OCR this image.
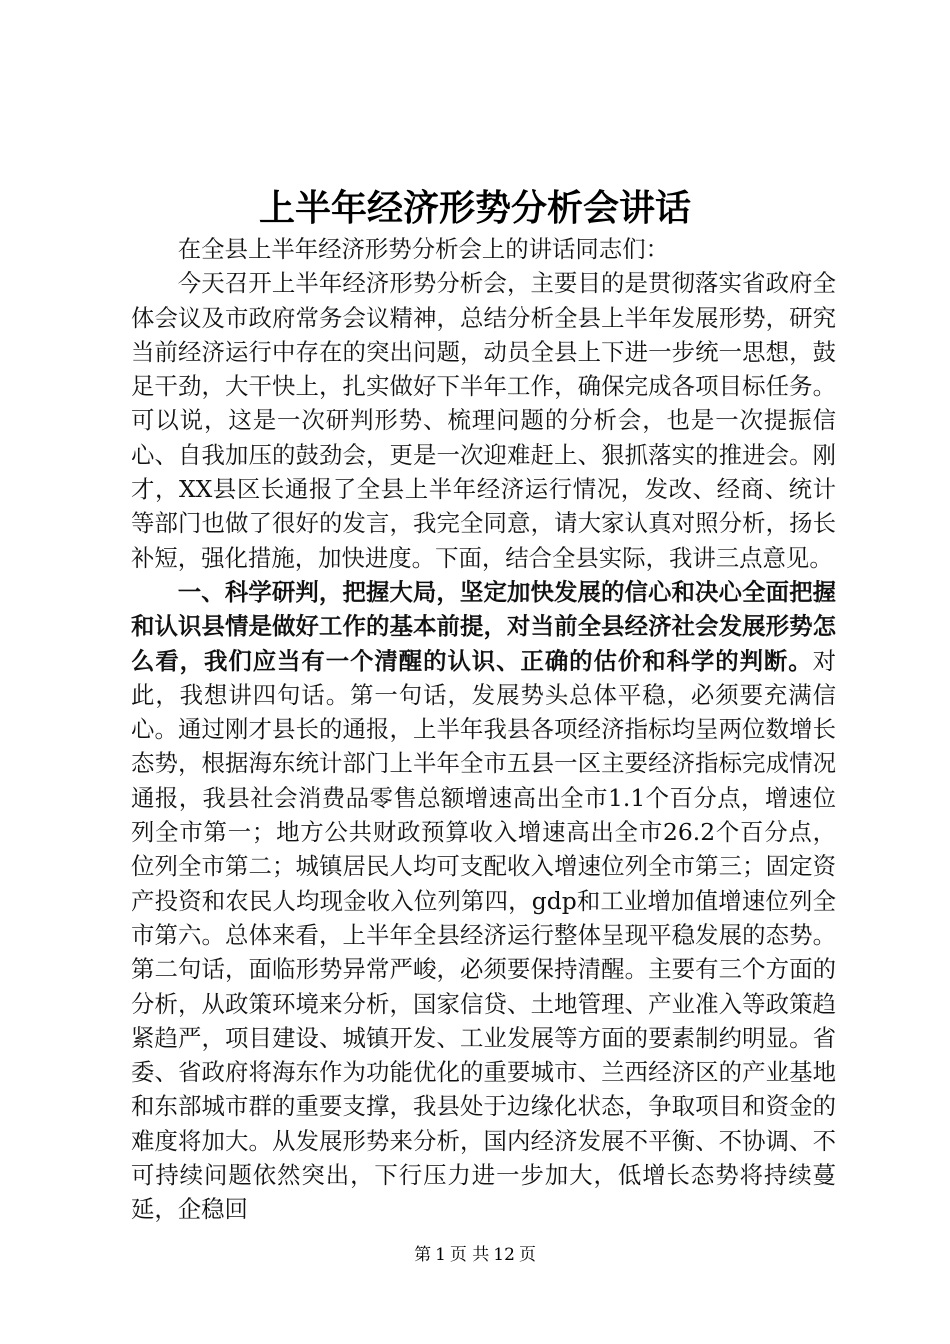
上半年经济形势分析会讲话

在全县上半年经济形势分析会上的讲话同志们：

今天召开上半年经济形势分析会，主要目的是贯彻落实省政府全体会议及市政府常务会议精神，总结分析全县上半年发展形势，研究当前经济运行中存在的突出问题，动员全县上下进一步统一思想，鼓足干劲，大干快上，扎实做好下半年工作，确保完成各项目标任务。可以说，这是一次研判形势、梳理问题的分析会，也是一次提振信心、自我加压的鼓劲会，更是一次迎难赶上、狠抓落实的推进会。刚才，XX县区长通报了全县上半年经济运行情况，发改、经商、统计等部门也做了很好的发言，我完全同意，请大家认真对照分析，扬长补短，强化措施，加快进度。下面，结合全县实际，我讲三点意见。

一、科学研判，把握大局，坚定加快发展的信心和决心全面把握和认识县情是做好工作的基本前提，对当前全县经济社会发展形势怎么看，我们应当有一个清醒的认识、正确的估价和科学的判断。对此，我想讲四句话。第一句话，发展势头总体平稳，必须要充满信心。通过刚才县长的通报，上半年我县各项经济指标均呈两位数增长态势，根据海东统计部门上半年全市五县一区主要经济指标完成情况通报，我县社会消费品零售总额增速高出全市1.1个百分点，增速位列全市第一；地方公共财政预算收入增速高出全市26.2个百分点，位列全市第二；城镇居民人均可支配收入增速位列全市第三；固定资产投资和农民人均现金收入位列第四，gdp和工业增加值增速位列全市第六。总体来看，上半年全县经济运行整体呈现平稳发展的态势。第二句话，面临形势异常严峻，必须要保持清醒。主要有三个方面的分析，从政策环境来分析，国家信贷、土地管理、产业准入等政策趋紧趋严，项目建设、城镇开发、工业发展等方面的要素制约明显。省委、省政府将海东作为功能优化的重要城市、兰西经济区的产业基地和东部城市群的重要支撑，我县处于边缘化状态，争取项目和资金的难度将加大。从发展形势来分析，国内经济发展不平衡、不协调、不可持续问题依然突出，下行压力进一步加大，低增长态势将持续蔓延，企稳回

第 1 页 共 12 页
